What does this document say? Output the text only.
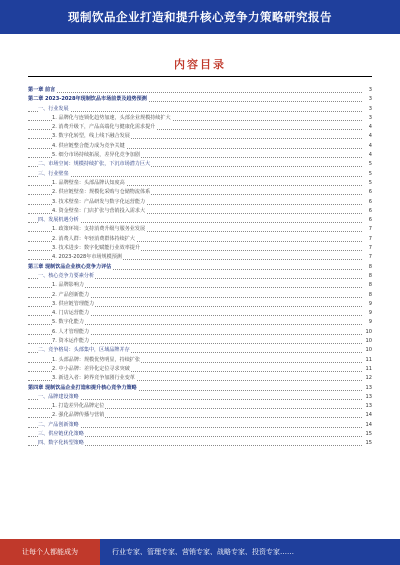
现制饮品企业打造和提升核心竞争力策略研究报告
内容目录
第一章 前言	3
第二章 2023-2028年现制饮品市场前景及趋势预测	3
一、行业发展	3
1. 品牌化与连锁化趋势加速，头部企业规模持续扩大	3
2. 消费升级下，产品高端化与健康化需求提升	4
3. 数字化转型，线上线下融合发展	4
4. 供应链整合能力成为竞争关键	4
5. 细分市场持续拓展，差异化竞争加剧	4
二、市场空间：规模持续扩张，下沉市场潜力巨大	5
三、行业壁垒	5
1. 品牌壁垒：头部品牌认知度高	5
2. 供应链壁垒：规模化采购与仓储物流体系	6
3. 技术壁垒：产品研发与数字化运营能力	6
4. 资金壁垒：门店扩张与营销投入需求大	6
四、发展机遇分析	6
1. 政策环境：支持消费升级与服务业发展	7
2. 消费人群：年轻消费群体持续扩大	7
3. 技术进步：数字化赋能行业效率提升	7
4. 2023-2028年市场规模预测	7
第三章 现制饮品企业核心竞争力评估	8
一、核心竞争力要素分析	8
1. 品牌影响力	8
2. 产品创新能力	8
3. 供应链管理能力	9
4. 门店运营能力	9
5. 数字化能力	9
6. 人才管理能力	10
7. 资本运作能力	10
二、竞争格局：头部集中，区域品牌并存	10
1. 头部品牌：规模优势明显，持续扩张	11
2. 中小品牌：差异化定位寻求突破	11
3. 新进入者：跨界竞争加剧行业变革	12
第四章 现制饮品企业打造和提升核心竞争力策略	13
一、品牌建设策略	13
1. 打造差异化品牌定位	13
2. 强化品牌传播与营销	14
二、产品创新策略	14
三、供应链优化策略	15
四、数字化转型策略	15
让每个人都能成为	行业专家、管理专家、营销专家、战略专家、投资专家……
